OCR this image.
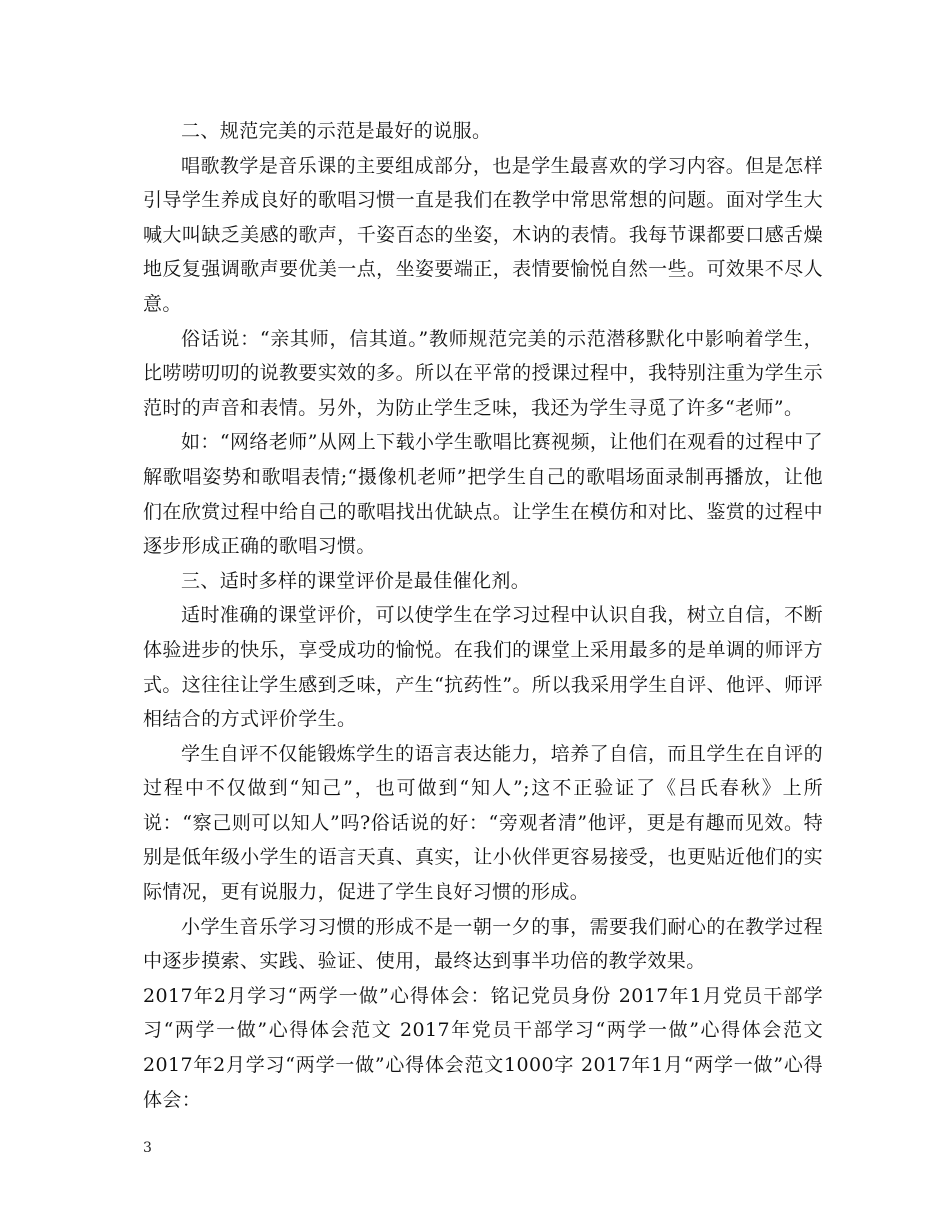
二、规范完美的示范是最好的说服。

唱歌教学是音乐课的主要组成部分，也是学生最喜欢的学习内容。但是怎样引导学生养成良好的歌唱习惯一直是我们在教学中常思常想的问题。面对学生大喊大叫缺乏美感的歌声，千姿百态的坐姿，木讷的表情。我每节课都要口感舌燥地反复强调歌声要优美一点，坐姿要端正，表情要愉悦自然一些。可效果不尽人意。

俗话说：“亲其师，信其道。”教师规范完美的示范潜移默化中影响着学生，比唠唠叨叨的说教要实效的多。所以在平常的授课过程中，我特别注重为学生示范时的声音和表情。另外，为防止学生乏味，我还为学生寻觅了许多“老师”。

如：“网络老师”从网上下载小学生歌唱比赛视频，让他们在观看的过程中了解歌唱姿势和歌唱表情;“摄像机老师”把学生自己的歌唱场面录制再播放，让他们在欣赏过程中给自己的歌唱找出优缺点。让学生在模仿和对比、鉴赏的过程中逐步形成正确的歌唱习惯。

三、适时多样的课堂评价是最佳催化剂。

适时准确的课堂评价，可以使学生在学习过程中认识自我，树立自信，不断体验进步的快乐，享受成功的愉悦。在我们的课堂上采用最多的是单调的师评方式。这往往让学生感到乏味，产生“抗药性”。所以我采用学生自评、他评、师评相结合的方式评价学生。

学生自评不仅能锻炼学生的语言表达能力，培养了自信，而且学生在自评的过程中不仅做到“知己”，也可做到“知人”;这不正验证了《吕氏春秋》上所说：“察己则可以知人”吗?俗话说的好：“旁观者清”他评，更是有趣而见效。特别是低年级小学生的语言天真、真实，让小伙伴更容易接受，也更贴近他们的实际情况，更有说服力，促进了学生良好习惯的形成。

小学生音乐学习习惯的形成不是一朝一夕的事，需要我们耐心的在教学过程中逐步摸索、实践、验证、使用，最终达到事半功倍的教学效果。

2017年2月学习“两学一做”心得体会：铭记党员身份 2017年1月党员干部学习“两学一做”心得体会范文 2017年党员干部学习“两学一做”心得体会范文 2017年2月学习“两学一做”心得体会范文1000字 2017年1月“两学一做”心得体会：

3
